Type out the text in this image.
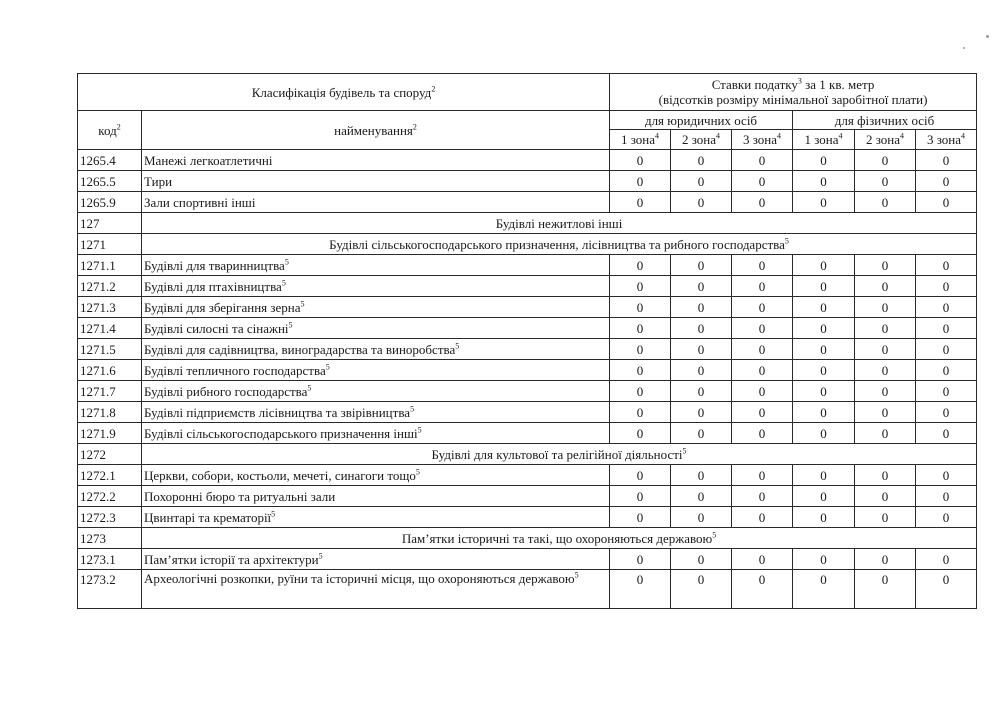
Класифікація будівель та споруд$^2$		Ставки податку$^3$ за 1 кв. метр
(відсотків розміру мінімальної заробітної плати)					
код$^2$	найменування$^2$	для юридичних осіб			для фізичних осіб		
		1 зона$^4$	2 зона$^4$	3 зона$^4$	1 зона$^4$	2 зона$^4$	3 зона$^4$
1265.4	Манежі легкоатлетичні	0	0	0	0	0	0
1265.5	Тири	0	0	0	0	0	0
1265.9	Зали спортивні інші	0	0	0	0	0	0
127	Будівлі нежитлові інші						
1271	Будівлі сільськогосподарського призначення, лісівництва та рибного господарства$^5$
1271.1	Будівлі для тваринництва$^5$	0	0	0	0	0	0
1271.2	Будівлі для птахівництва$^5$	0	0	0	0	0	0
1271.3	Будівлі для зберігання зерна$^5$	0	0	0	0	0	0
1271.4	Будівлі силосні та сінажні$^5$	0	0	0	0	0	0
1271.5	Будівлі для садівництва, виноградарства та виноробства$^5$	0	0	0	0	0	0
1271.6	Будівлі тепличного господарства$^5$	0	0	0	0	0	0
1271.7	Будівлі рибного господарства$^5$	0	0	0	0	0	0
1271.8	Будівлі підприємств лісівництва та звірівництва$^5$	0	0	0	0	0	0
1271.9	Будівлі сільськогосподарського призначення інші$^5$	0	0	0	0	0	0
1272	Будівлі для культової та релігійної діяльності$^5$
1272.1	Церкви, собори, костьоли, мечеті, синагоги тощо$^5$	0	0	0	0	0	0
1272.2	Похоронні бюро та ритуальні зали	0	0	0	0	0	0
1272.3	Цвинтарі та крематорії$^5$	0	0	0	0	0	0
1273	Пам’ятки історичні та такі, що охороняються державою$^5$
1273.1	Пам’ятки історії та архітектури$^5$	0	0	0	0	0	0
1273.2	Археологічні розкопки, руїни та історичні місця, що охороняються державою$^5$	0	0	0	0	0	0
